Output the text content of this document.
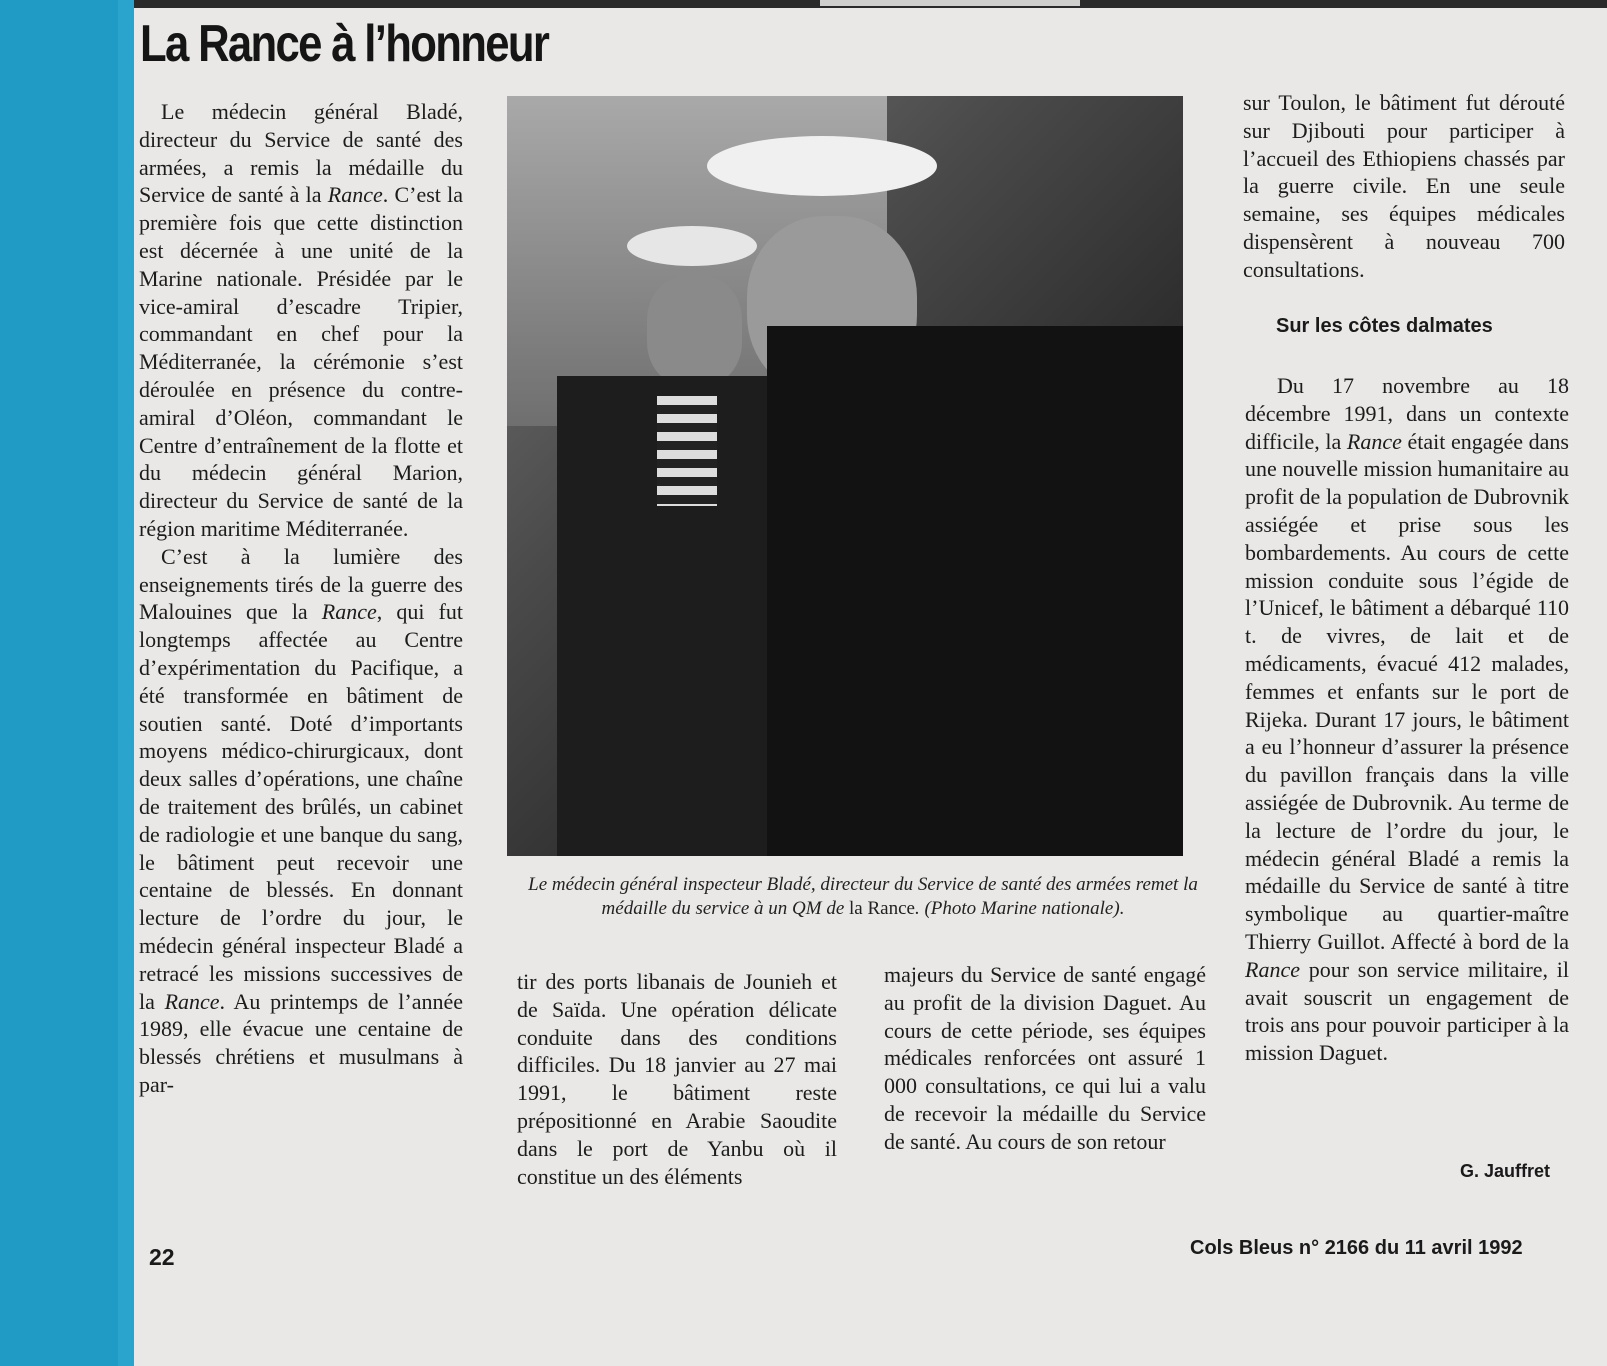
La Rance à l’honneur

Le médecin général Bladé, directeur du Service de santé des armées, a remis la médaille du Service de santé à la Rance. C’est la première fois que cette distinction est décernée à une unité de la Marine nationale. Présidée par le vice-amiral d’escadre Tripier, commandant en chef pour la Méditerranée, la cérémonie s’est déroulée en présence du contre-amiral d’Oléon, commandant le Centre d’entraînement de la flotte et du médecin général Marion, directeur du Service de santé de la région maritime Méditerranée.

C’est à la lumière des enseignements tirés de la guerre des Malouines que la Rance, qui fut longtemps affectée au Centre d’expérimentation du Pacifique, a été transformée en bâtiment de soutien santé. Doté d’importants moyens médico-chirurgicaux, dont deux salles d’opérations, une chaîne de traitement des brûlés, un cabinet de radiologie et une banque du sang, le bâtiment peut recevoir une centaine de blessés. En donnant lecture de l’ordre du jour, le médecin général inspecteur Bladé a retracé les missions successives de la Rance. Au printemps de l’année 1989, elle évacue une centaine de blessés chrétiens et musulmans à par-

Le médecin général inspecteur Bladé, directeur du Service de santé des armées remet la médaille du service à un QM de la Rance. (Photo Marine nationale).

tir des ports libanais de Jounieh et de Saïda. Une opération délicate conduite dans des conditions difficiles. Du 18 janvier au 27 mai 1991, le bâtiment reste prépositionné en Arabie Saoudite dans le port de Yanbu où il constitue un des éléments

majeurs du Service de santé engagé au profit de la division Daguet. Au cours de cette période, ses équipes médicales renforcées ont assuré 1 000 consultations, ce qui lui a valu de recevoir la médaille du Service de santé. Au cours de son retour

sur Toulon, le bâtiment fut dérouté sur Djibouti pour participer à l’accueil des Ethiopiens chassés par la guerre civile. En une seule semaine, ses équipes médicales dispensèrent à nouveau 700 consultations.

Sur les côtes dalmates

Du 17 novembre au 18 décembre 1991, dans un contexte difficile, la Rance était engagée dans une nouvelle mission humanitaire au profit de la population de Dubrovnik assiégée et prise sous les bombardements. Au cours de cette mission conduite sous l’égide de l’Unicef, le bâtiment a débarqué 110 t. de vivres, de lait et de médicaments, évacué 412 malades, femmes et enfants sur le port de Rijeka. Durant 17 jours, le bâtiment a eu l’honneur d’assurer la présence du pavillon français dans la ville assiégée de Dubrovnik. Au terme de la lecture de l’ordre du jour, le médecin général Bladé a remis la médaille du Service de santé à titre symbolique au quartier-maître Thierry Guillot. Affecté à bord de la Rance pour son service militaire, il avait souscrit un engagement de trois ans pour pouvoir participer à la mission Daguet.

G. Jauffret
22	Cols Bleus n° 2166 du 11 avril 1992
